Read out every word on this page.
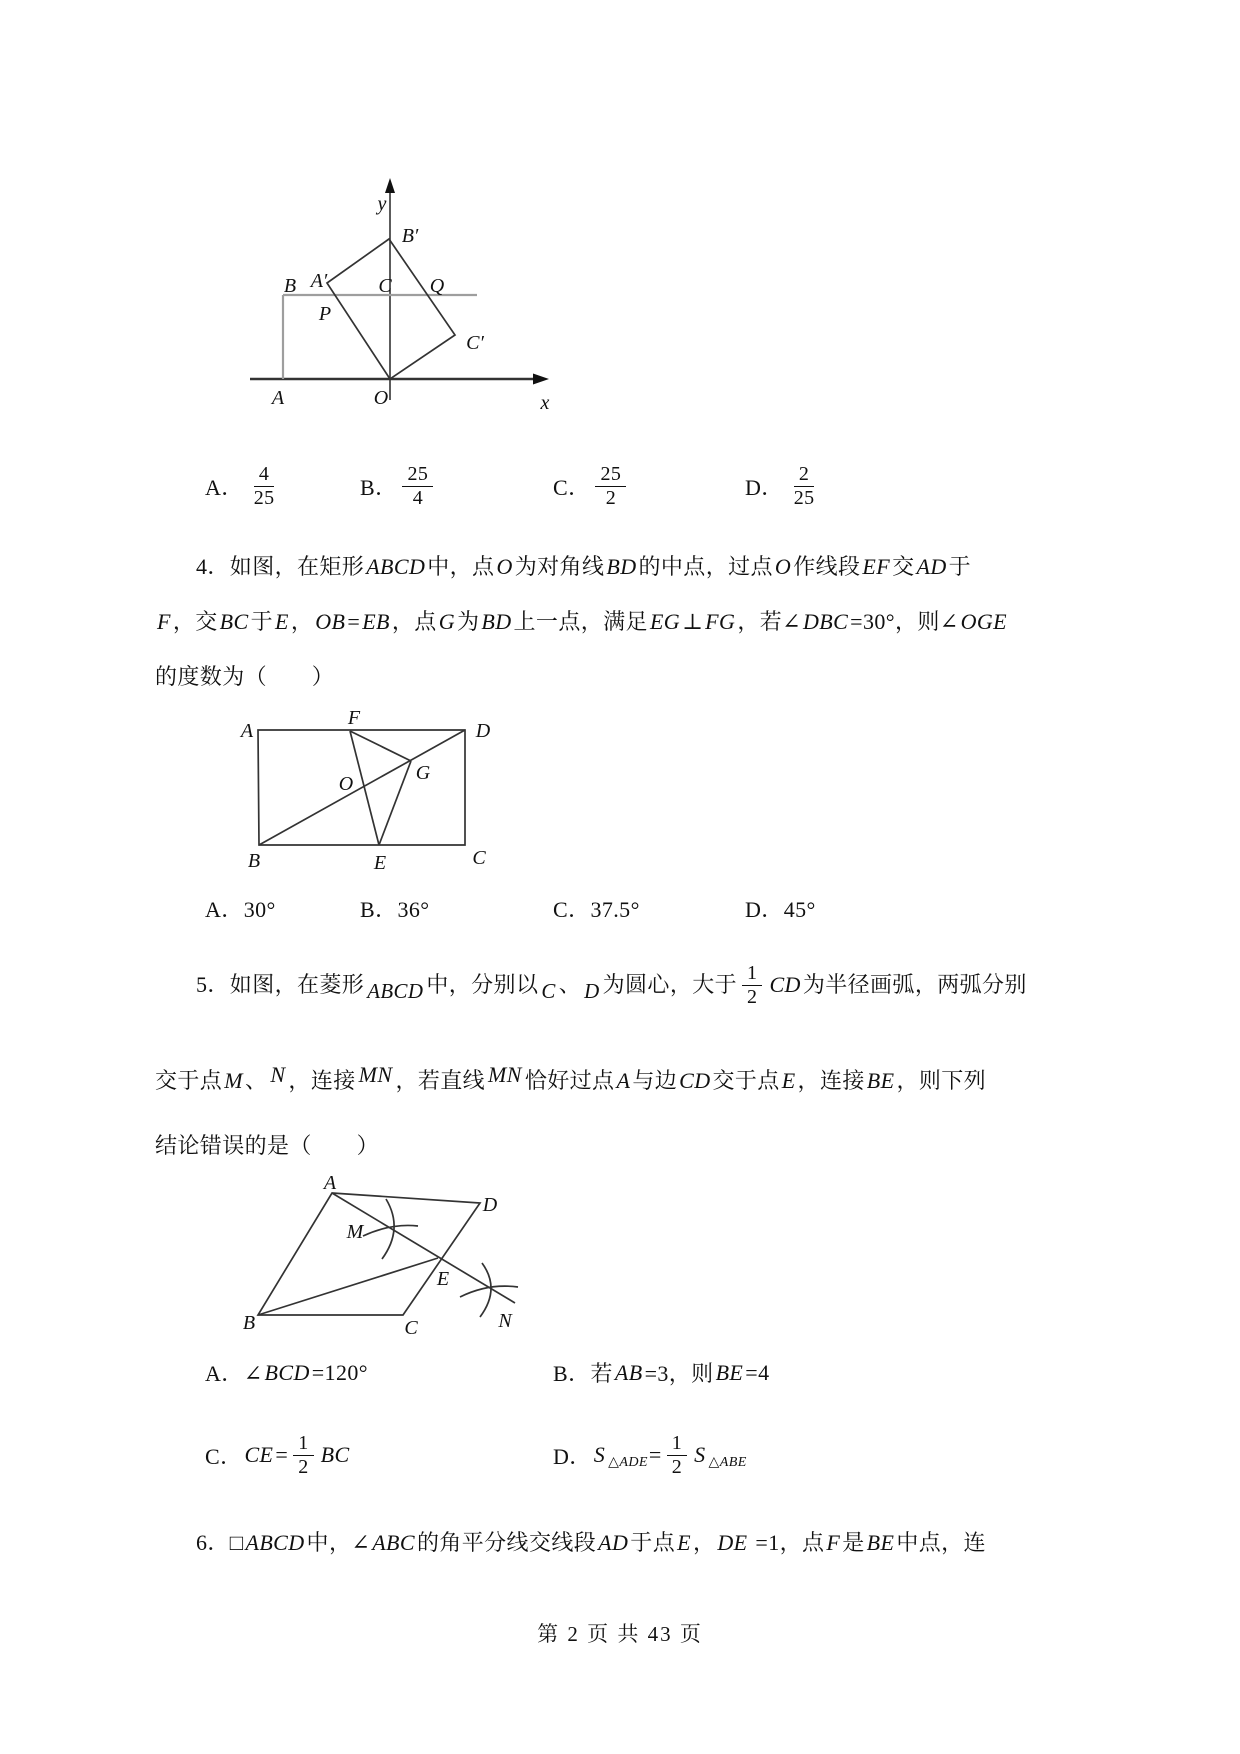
y
B′
B A′	C Q
P
C′
A	O	x
A． $\frac{4}{25}$	B． $\frac{25}{4}$	C． $\frac{25}{2}$	D． $\frac{2}{25}$
4．如图，在矩形ABCD中，点O为对角线BD的中点，过点O作线段EF交AD于
F，交BC于E，OB=EB，点G为BD上一点，满足EG⊥FG，若∠DBC=30°，则∠OGE
的度数为（　　）
A
F
D
O	G
B	E	C
A．30°	B．36°	C．37.5°	D．45°
5．如图，在菱形 ABCD 中，分别以 C 、 D 为圆心，大于 $\frac{1}{2}$ CD 为半径画弧，两弧分别
交于点M、 N ，连接 MN ，若直线 MN 恰好过点A与边CD交于点E，连接BE，则下列
结论错误的是（　　）
A
D
M
E
B	C	N
A．∠ BCD =120°	B．若 AB =3，则 BE =4
C． CE = $\frac{1}{2}$ BC	D． S △ADE = $\frac{1}{2}$ S △ABE
6．□ABCD中，∠ABC的角平分线交线段AD于点E，DE =1，点F是BE中点，连
第 2 页 共 43 页
